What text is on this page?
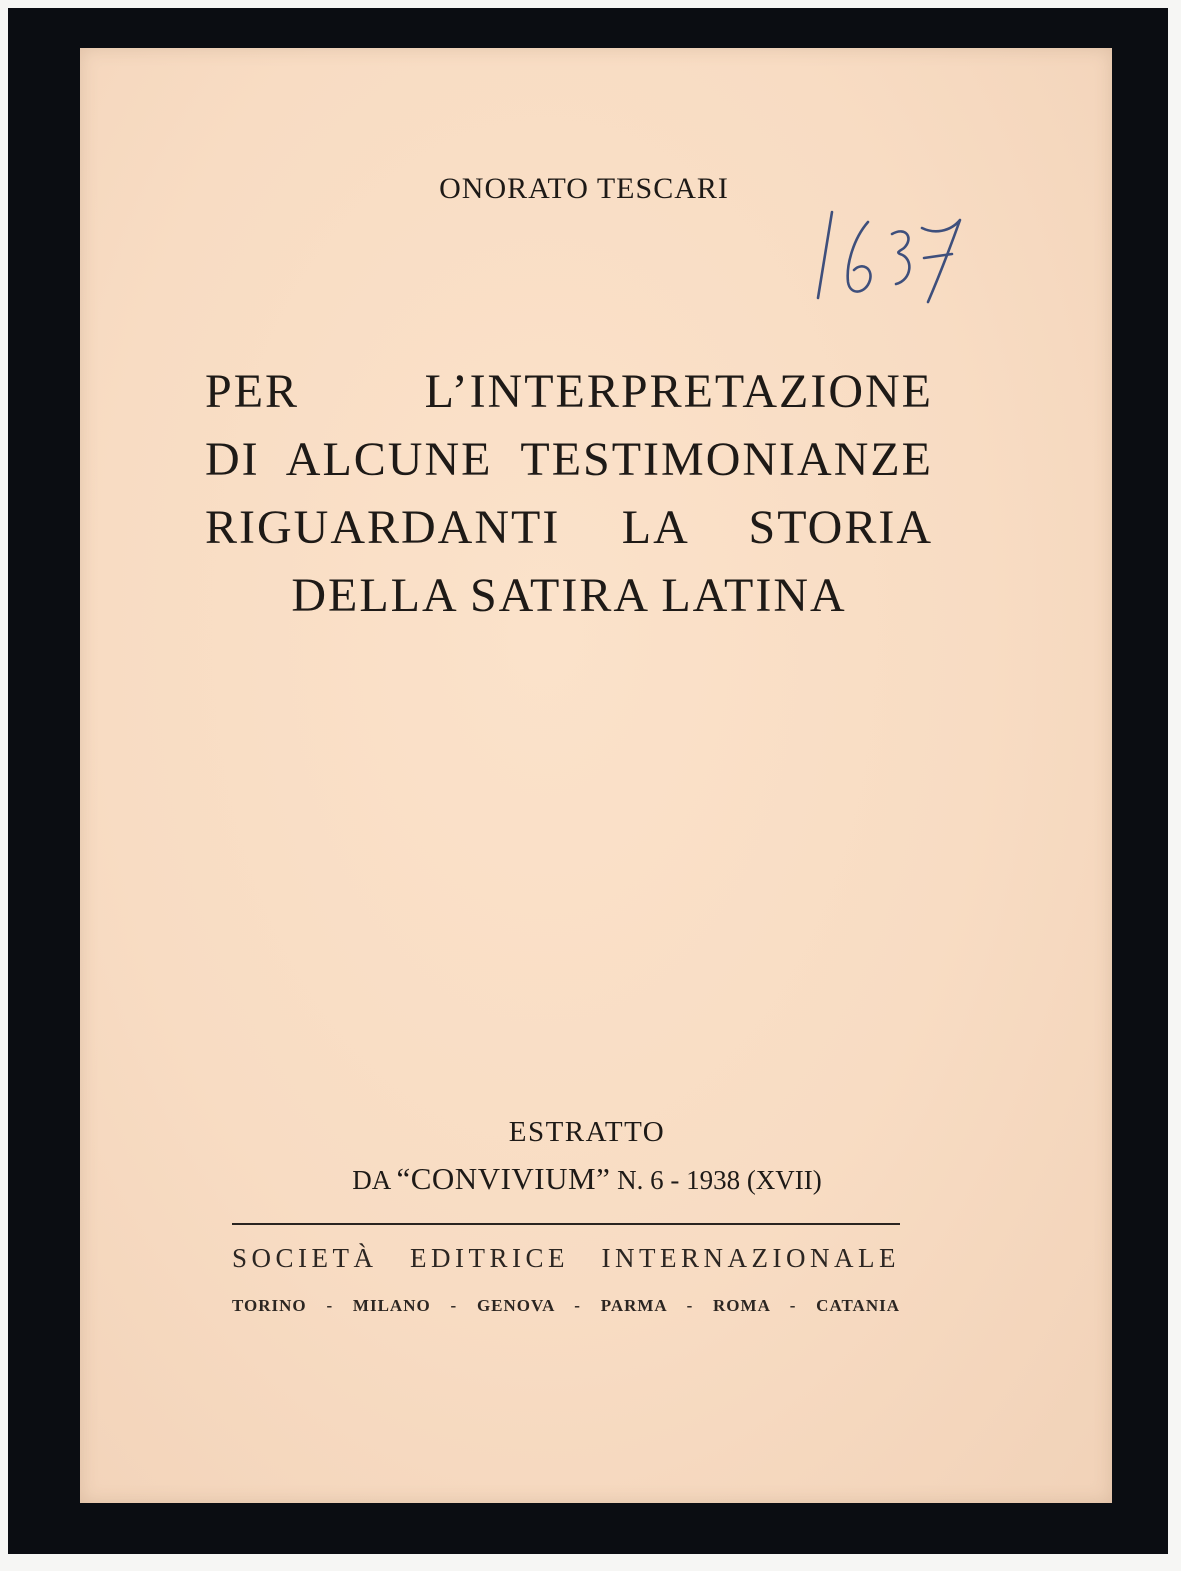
ONORATO TESCARI
PER L’INTERPRETAZIONE
DI ALCUNE TESTIMONIANZE
RIGUARDANTI LA STORIA
DELLA SATIRA LATINA
ESTRATTO
DA “CONVIVIUM” N. 6 - 1938 (XVII)
SOCIETÀ EDITRICE INTERNAZIONALE
TORINO - MILANO - GENOVA - PARMA - ROMA - CATANIA
